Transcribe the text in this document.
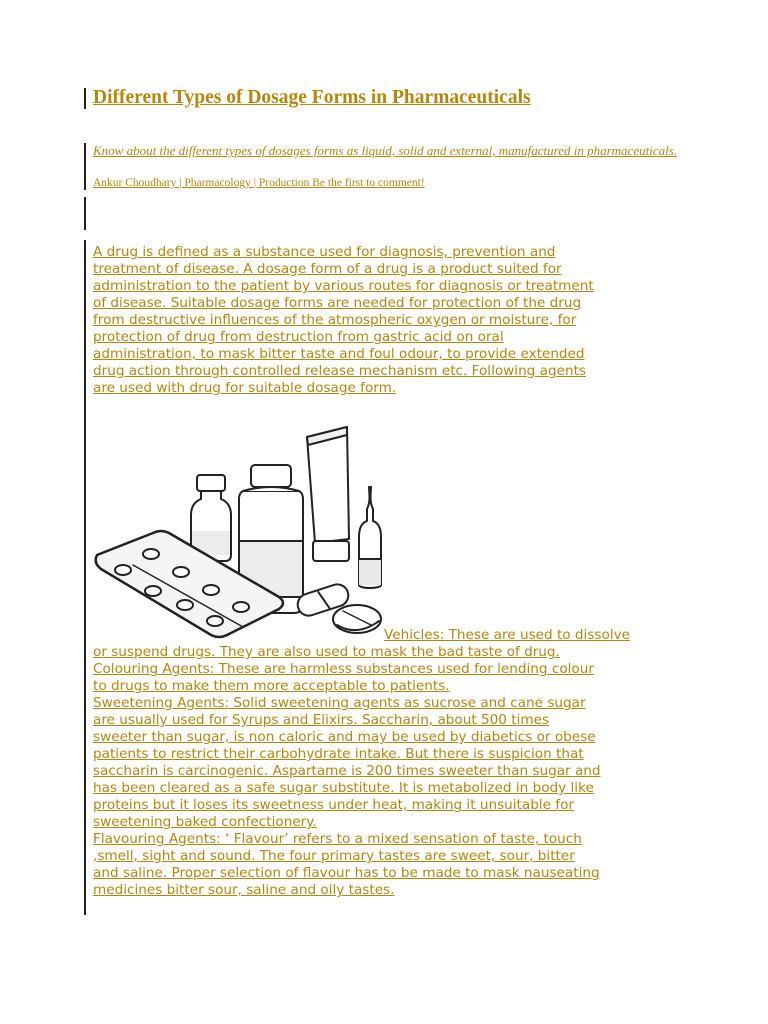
Different Types of Dosage Forms in Pharmaceuticals
Know about the different types of dosages forms as liquid, solid and external, manufactured in pharmaceuticals.
Ankur Choudhary | Pharmacology | Production Be the first to comment!
A drug is defined as a substance used for diagnosis, prevention and
treatment of disease. A dosage form of a drug is a product suited for
administration to the patient by various routes for diagnosis or treatment
of disease. Suitable dosage forms are needed for protection of the drug
from destructive influences of the atmospheric oxygen or moisture, for
protection of drug from destruction from gastric acid on oral
administration, to mask bitter taste and foul odour, to provide extended
drug action through controlled release mechanism etc. Following agents
are used with drug for suitable dosage form.
Vehicles: These are used to dissolve
or suspend drugs. They are also used to mask the bad taste of drug.
Colouring Agents: These are harmless substances used for lending colour
to drugs to make them more acceptable to patients.
Sweetening Agents: Solid sweetening agents as sucrose and cane sugar
are usually used for Syrups and Elixirs. Saccharin, about 500 times
sweeter than sugar, is non caloric and may be used by diabetics or obese
patients to restrict their carbohydrate intake. But there is suspicion that
saccharin is carcinogenic. Aspartame is 200 times sweeter than sugar and
has been cleared as a safe sugar substitute. It is metabolized in body like
proteins but it loses its sweetness under heat, making it unsuitable for
sweetening baked confectionery.
Flavouring Agents: ‘ Flavour’ refers to a mixed sensation of taste, touch
,smell, sight and sound. The four primary tastes are sweet, sour, bitter
and saline. Proper selection of flavour has to be made to mask nauseating
medicines bitter sour, saline and oily tastes.
